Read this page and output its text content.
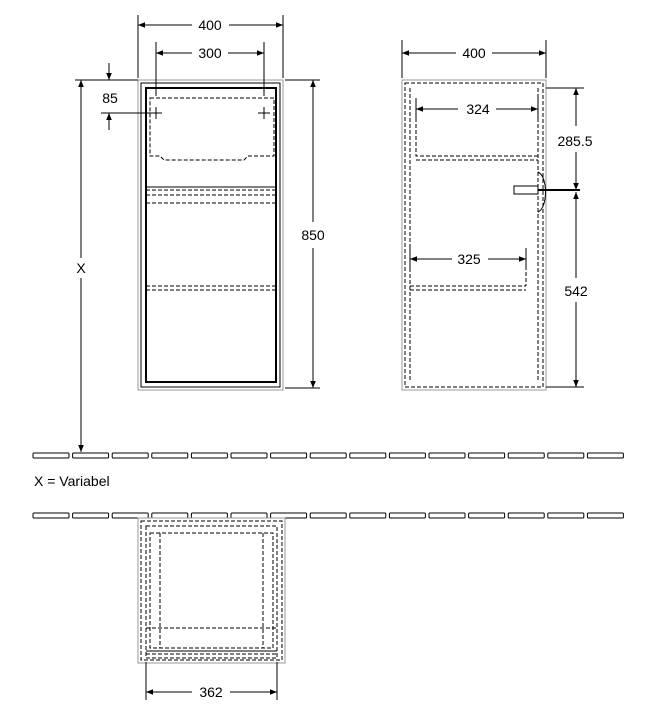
400
300
85
850
X
400
324
325
285.5
542
362
X = Variabel
